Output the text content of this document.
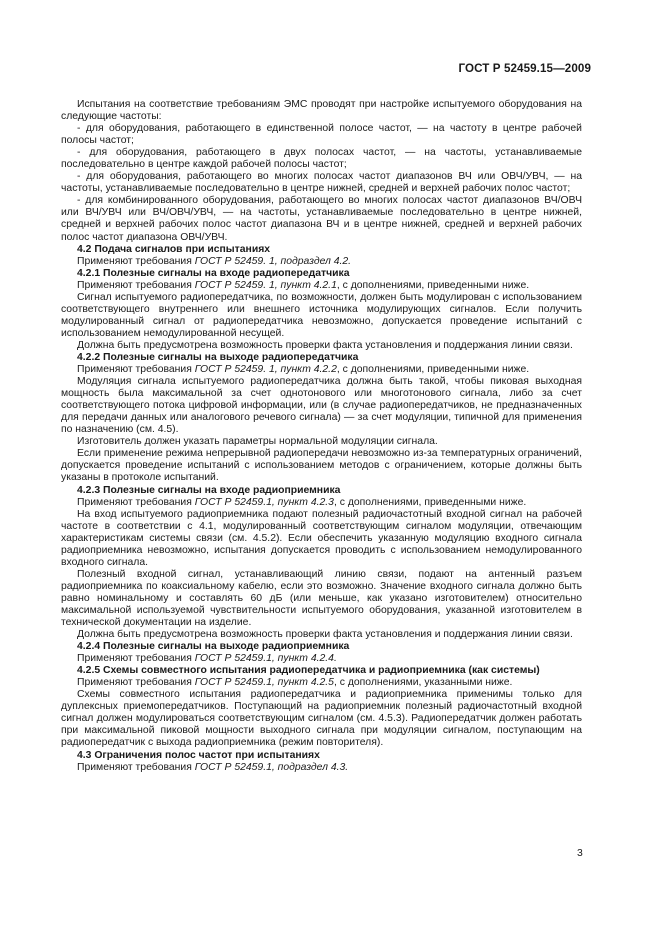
ГОСТ Р 52459.15—2009

Испытания на соответствие требованиям ЭМС проводят при настройке испытуемого оборудования на следующие частоты:

- для оборудования, работающего в единственной полосе частот, — на частоту в центре рабочей полосы частот;

- для оборудования, работающего в двух полосах частот, — на частоты, устанавливаемые последовательно в центре каждой рабочей полосы частот;

- для оборудования, работающего во многих полосах частот диапазонов ВЧ или ОВЧ/УВЧ, — на частоты, устанавливаемые последовательно в центре нижней, средней и верхней рабочих полос частот;

- для комбинированного оборудования, работающего во многих полосах частот диапазонов ВЧ/ОВЧ или ВЧ/УВЧ или ВЧ/ОВЧ/УВЧ, — на частоты, устанавливаемые последовательно в центре нижней, средней и верхней рабочих полос частот диапазона ВЧ и в центре нижней, средней и верхней рабочих полос частот диапазона ОВЧ/УВЧ.

4.2 Подача сигналов при испытаниях

Применяют требования ГОСТ Р 52459. 1, подраздел 4.2.

4.2.1 Полезные сигналы на входе радиопередатчика

Применяют требования ГОСТ Р 52459. 1, пункт 4.2.1, с дополнениями, приведенными ниже.

Сигнал испытуемого радиопередатчика, по возможности, должен быть модулирован с использованием соответствующего внутреннего или внешнего источника модулирующих сигналов. Если получить модулированный сигнал от радиопередатчика невозможно, допускается проведение испытаний с использованием немодулированной несущей.

Должна быть предусмотрена возможность проверки факта установления и поддержания линии связи.

4.2.2 Полезные сигналы на выходе радиопередатчика

Применяют требования ГОСТ Р 52459. 1, пункт 4.2.2, с дополнениями, приведенными ниже.

Модуляция сигнала испытуемого радиопередатчика должна быть такой, чтобы пиковая выходная мощность была максимальной за счет однотонового или многотонового сигнала, либо за счет соответствующего потока цифровой информации, или (в случае радиопередатчиков, не предназначенных для передачи данных или аналогового речевого сигнала) — за счет модуляции, типичной для применения по назначению (см. 4.5).

Изготовитель должен указать параметры нормальной модуляции сигнала.

Если применение режима непрерывной радиопередачи невозможно из-за температурных ограничений, допускается проведение испытаний с использованием методов с ограничением, которые должны быть указаны в протоколе испытаний.

4.2.3 Полезные сигналы на входе радиоприемника

Применяют требования ГОСТ Р 52459.1, пункт 4.2.3, с дополнениями, приведенными ниже.

На вход испытуемого радиоприемника подают полезный радиочастотный входной сигнал на рабочей частоте в соответствии с 4.1, модулированный соответствующим сигналом модуляции, отвечающим характеристикам системы связи (см. 4.5.2). Если обеспечить указанную модуляцию входного сигнала радиоприемника невозможно, испытания допускается проводить с использованием немодулированного входного сигнала.

Полезный входной сигнал, устанавливающий линию связи, подают на антенный разъем радиоприемника по коаксиальному кабелю, если это возможно. Значение входного сигнала должно быть равно номинальному и составлять 60 дБ (или меньше, как указано изготовителем) относительно максимальной используемой чувствительности испытуемого оборудования, указанной изготовителем в технической документации на изделие.

Должна быть предусмотрена возможность проверки факта установления и поддержания линии связи.

4.2.4 Полезные сигналы на выходе радиоприемника

Применяют требования ГОСТ Р 52459.1, пункт 4.2.4.

4.2.5 Схемы совместного испытания радиопередатчика и радиоприемника (как системы)

Применяют требования ГОСТ Р 52459.1, пункт 4.2.5, с дополнениями, указанными ниже.

Схемы совместного испытания радиопередатчика и радиоприемника применимы только для дуплексных приемопередатчиков. Поступающий на радиоприемник полезный радиочастотный входной сигнал должен модулироваться соответствующим сигналом (см. 4.5.3). Радиопередатчик должен работать при максимальной пиковой мощности выходного сигнала при модуляции сигналом, поступающим на радиопередатчик с выхода радиоприемника (режим повторителя).

4.3 Ограничения полос частот при испытаниях

Применяют требования ГОСТ Р 52459.1, подраздел 4.3.

3
